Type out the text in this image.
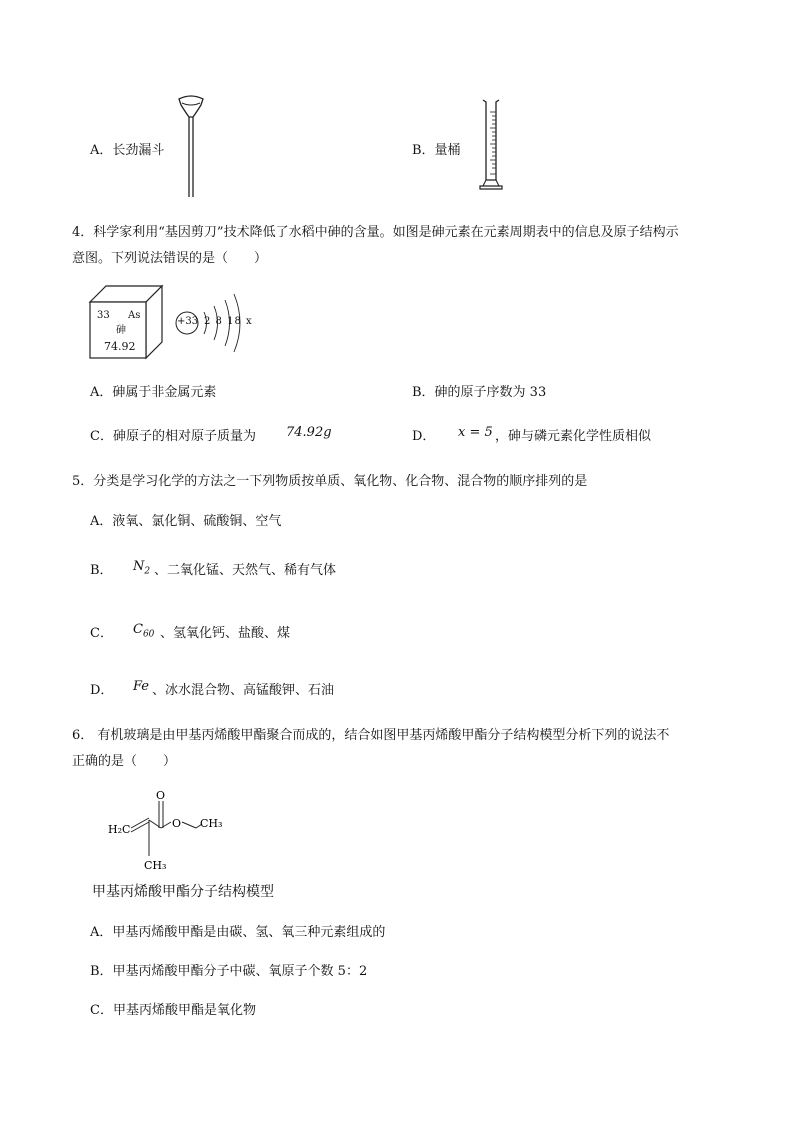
A．长劲漏斗	B．量桶
4．科学家利用“基因剪刀”技术降低了水稻中砷的含量。如图是砷元素在元素周期表中的信息及原子结构示
意图。下列说法错误的是（　　）
33 As
砷
74.92
+33 2 8 18 x
A．砷属于非金属元素	B．砷的原子序数为 33
C．砷原子的相对原子质量为 74.92g	D． x = 5 ，砷与磷元素化学性质相似
5．分类是学习化学的方法之一下列物质按单质、氧化物、化合物、混合物的顺序排列的是
A．液氧、氯化铜、硫酸铜、空气
B． $N_2$ 、二氧化锰、天然气、稀有气体
C． $C_{60}$ 、氢氧化钙、盐酸、煤
D． Fe 、冰水混合物、高锰酸钾、石油
6． 有机玻璃是由甲基丙烯酸甲酯聚合而成的，结合如图甲基丙烯酸甲酯分子结构模型分析下列的说法不
正确的是（　　）
H₂C
O
O CH₃
CH₃
甲基丙烯酸甲酯分子结构模型
A．甲基丙烯酸甲酯是由碳、氢、氧三种元素组成的
B．甲基丙烯酸甲酯分子中碳、氧原子个数 5：2
C．甲基丙烯酸甲酯是氧化物
